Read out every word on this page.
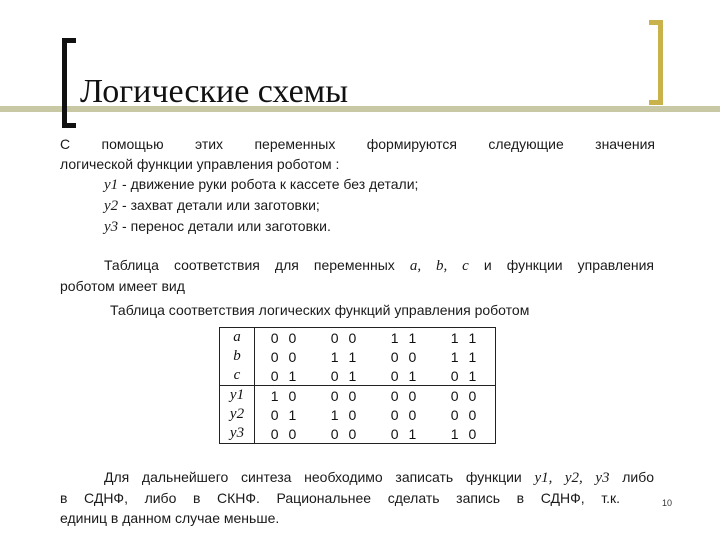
Логические схемы
С помощью этих переменных формируются следующие значения
логической функции управления роботом :
y1 - движение руки робота к кассете без детали;
y2 - захват детали или заготовки;
y3 - перенос детали или заготовки.
Таблица соответствия для переменных a, b, c и функции управления
роботом имеет вид
Таблица соответствия логических функций управления роботом
a	0 0	0 0	1 1	1 1
b	0 0	1 1	0 0	1 1
c	0 1	0 1	0 1	0 1
y1	1 0	0 0	0 0	0 0
y2	0 1	1 0	0 0	0 0
y3	0 0	0 0	0 1	1 0
Для дальнейшего синтеза необходимо записать функции y1, y2, y3 либо
в СДНФ, либо в СКНФ. Рациональнее сделать запись в СДНФ, т.к.
единиц в данном случае меньше.
10
